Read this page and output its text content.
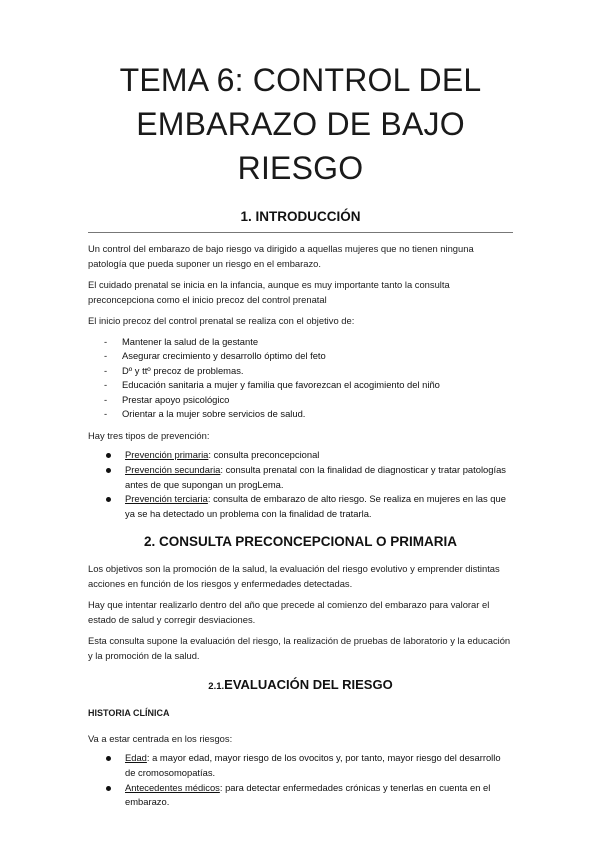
TEMA 6: CONTROL DEL
EMBARAZO DE BAJO RIESGO
1. INTRODUCCIÓN

Un control del embarazo de bajo riesgo va dirigido a aquellas mujeres que no tienen ninguna patología que pueda suponer un riesgo en el embarazo.

El cuidado prenatal se inicia en la infancia, aunque es muy importante tanto la consulta preconcepciona como el inicio precoz del control prenatal

El inicio precoz del control prenatal se realiza con el objetivo de:

- Mantener la salud de la gestante
- Asegurar crecimiento y desarrollo óptimo del feto
- Dº y ttº precoz de problemas.
- Educación sanitaria a mujer y familia que favorezcan el acogimiento del niño
- Prestar apoyo psicológico
- Orientar a la mujer sobre servicios de salud.

Hay tres tipos de prevención:

Prevención primaria: consulta preconcepcional
Prevención secundaria: consulta prenatal con la finalidad de diagnosticar y tratar patologías antes de que supongan un progLema.
Prevención terciaria: consulta de embarazo de alto riesgo. Se realiza en mujeres en las que ya se ha detectado un problema con la finalidad de tratarla.
2. CONSULTA PRECONCEPCIONAL O PRIMARIA

Los objetivos son la promoción de la salud, la evaluación del riesgo evolutivo y emprender distintas acciones en función de los riesgos y enfermedades detectadas.

Hay que intentar realizarlo dentro del año que precede al comienzo del embarazo para valorar el estado de salud y corregir desviaciones.

Esta consulta supone la evaluación del riesgo, la realización de pruebas de laboratorio y la educación y la promoción de la salud.

2.1.EVALUACIÓN DEL RIESGO

HISTORIA CLÍNICA

Va a estar centrada en los riesgos:

Edad: a mayor edad, mayor riesgo de los ovocitos y, por tanto, mayor riesgo del desarrollo de cromosomopatías.
Antecedentes médicos: para detectar enfermedades crónicas y tenerlas en cuenta en el embarazo.
